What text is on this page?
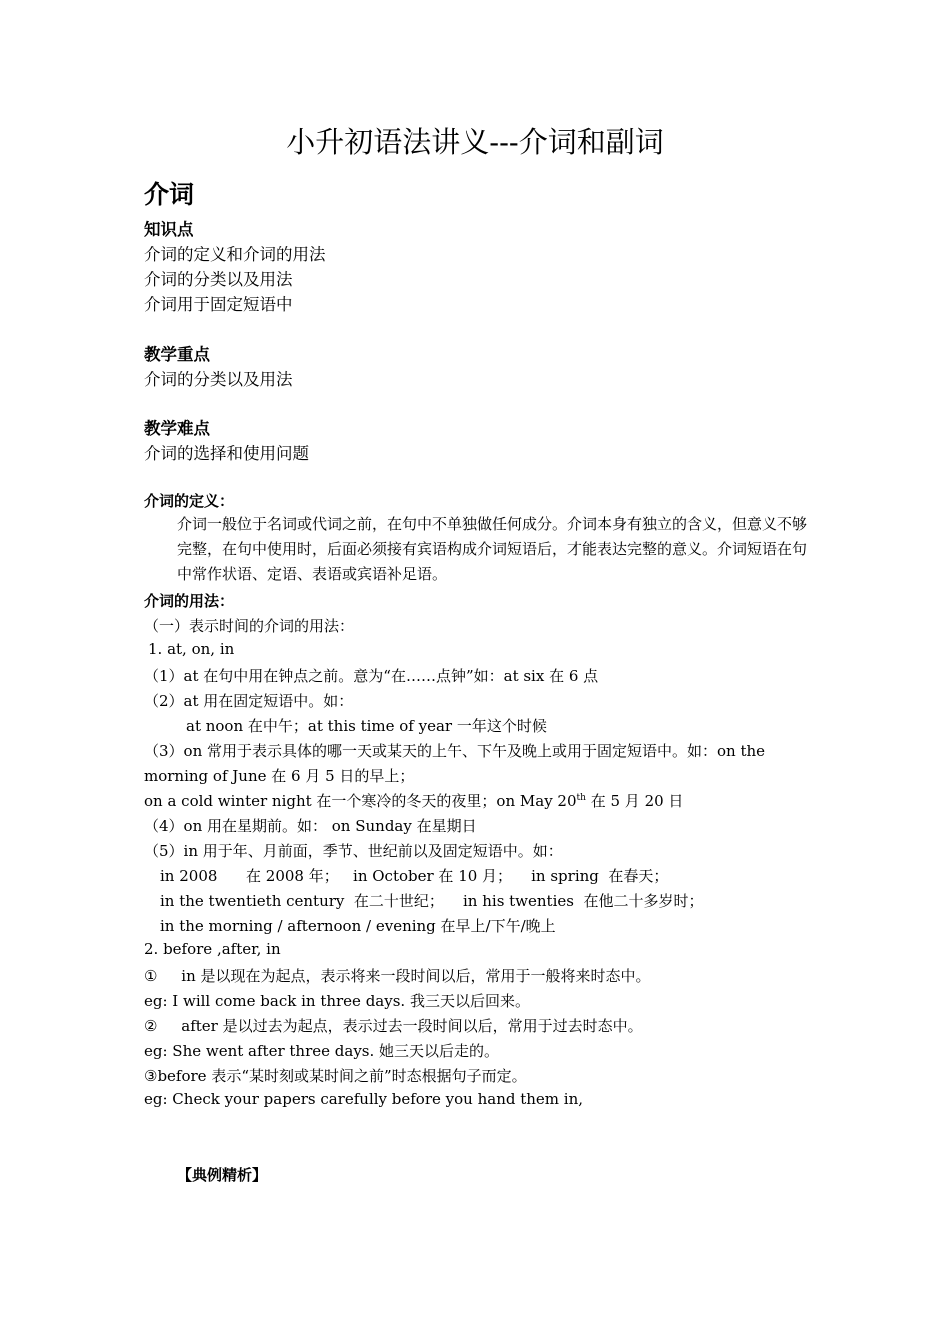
小升初语法讲义---介词和副词
介词
知识点
介词的定义和介词的用法
介词的分类以及用法
介词用于固定短语中
教学重点
介词的分类以及用法
教学难点
介词的选择和使用问题
介词的定义：
介词一般位于名词或代词之前，在句中不单独做任何成分。介词本身有独立的含义，但意义不够完整，在句中使用时，后面必须接有宾语构成介词短语后，才能表达完整的意义。介词短语在句中常作状语、定语、表语或宾语补足语。
介词的用法：
（一）表示时间的介词的用法：
1. at, on, in
（1）at 在句中用在钟点之前。意为“在……点钟”如：at six 在 6 点
（2）at 用在固定短语中。如：
at noon 在中午；at this time of year 一年这个时候
（3）on 常用于表示具体的哪一天或某天的上午、下午及晚上或用于固定短语中。如：on the
morning of June 在 6 月 5 日的早上；
on a cold winter night 在一个寒冷的冬天的夜里；on May 20th 在 5 月 20 日
（4）on 用在星期前。如： on Sunday 在星期日
（5）in 用于年、月前面，季节、世纪前以及固定短语中。如：
in 2008      在 2008 年；   in October 在 10 月；    in spring  在春天；
in the twentieth century  在二十世纪；    in his twenties  在他二十多岁时；
in the morning / afternoon / evening 在早上/下午/晚上
2. before ,after, in
①     in 是以现在为起点，表示将来一段时间以后，常用于一般将来时态中。
eg: I will come back in three days. 我三天以后回来。
②     after 是以过去为起点，表示过去一段时间以后，常用于过去时态中。
eg: She went after three days. 她三天以后走的。
③before 表示“某时刻或某时间之前”时态根据句子而定。
eg: Check your papers carefully before you hand them in,
【典例精析】
